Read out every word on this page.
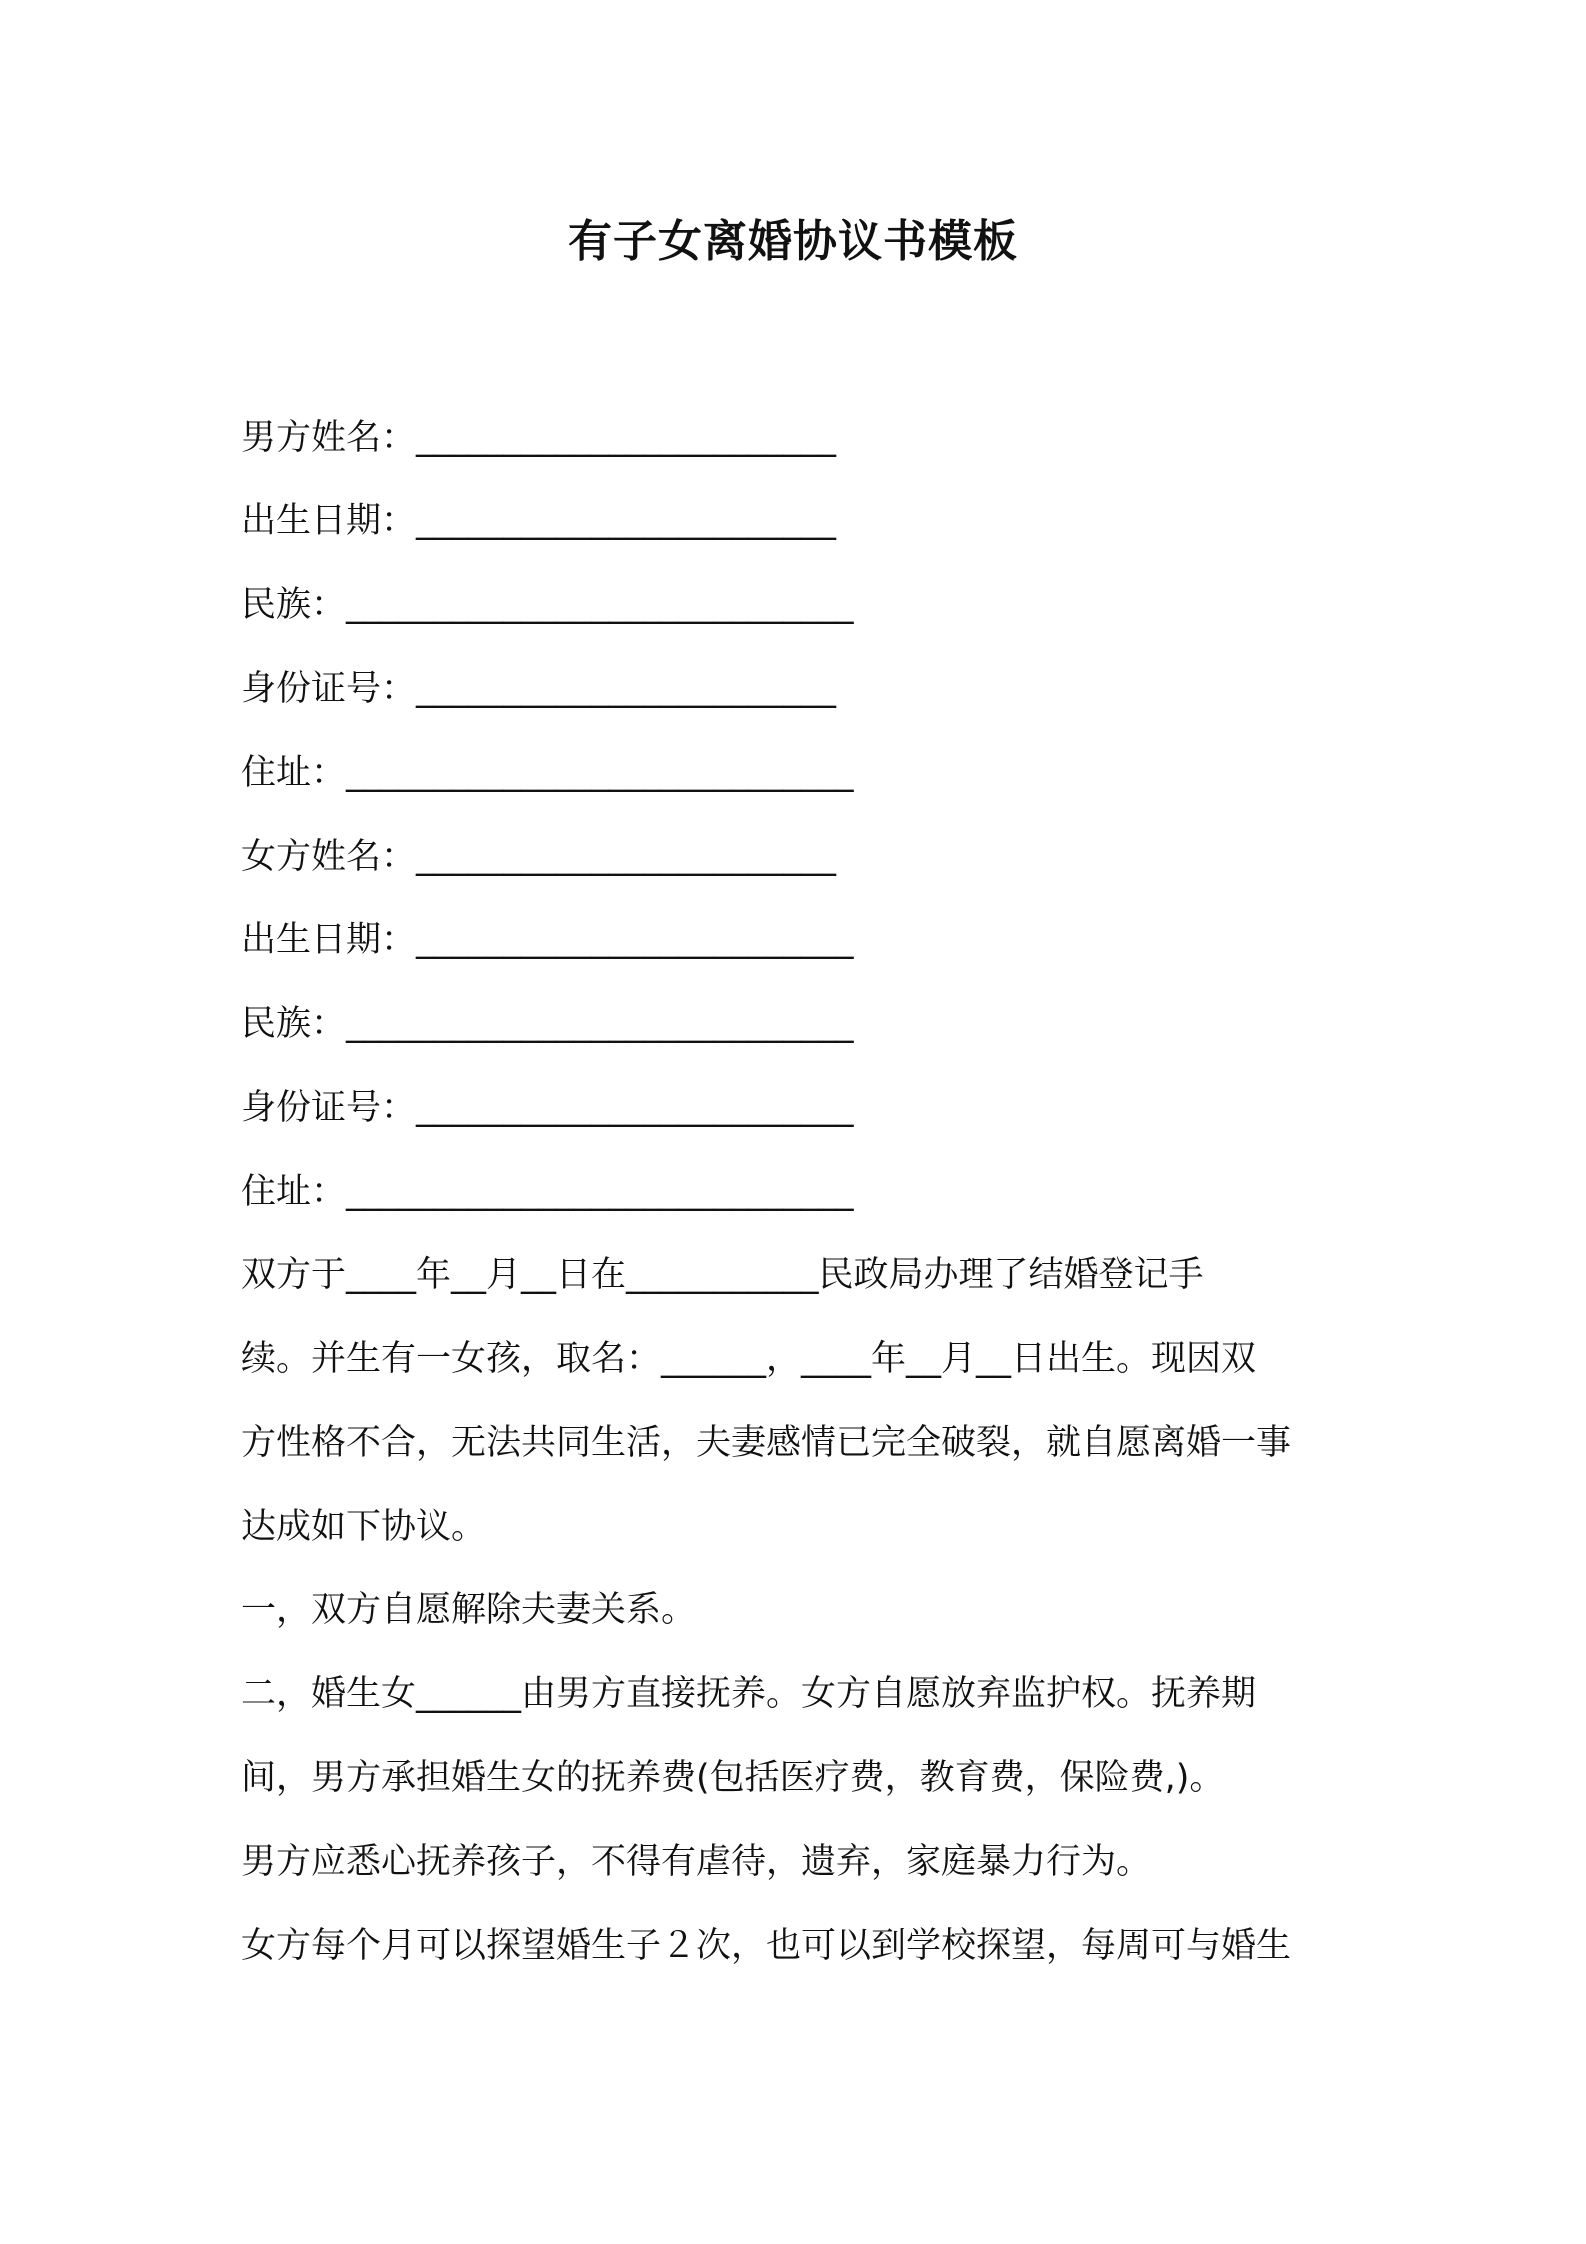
有子女离婚协议书模板
男方姓名：________________________
出生日期：________________________
民族：_____________________________
身份证号：________________________
住址：_____________________________
女方姓名：________________________
出生日期：_________________________
民族：_____________________________
身份证号：_________________________
住址：_____________________________
双方于____年__月__日在___________民政局办理了结婚登记手
续。并生有一女孩，取名：______，____年__月__日出生。现因双
方性格不合，无法共同生活，夫妻感情已完全破裂，就自愿离婚一事
达成如下协议。
一，双方自愿解除夫妻关系。
二，婚生女______由男方直接抚养。女方自愿放弃监护权。抚养期
间，男方承担婚生女的抚养费(包括医疗费，教育费，保险费,)。
男方应悉心抚养孩子，不得有虐待，遗弃，家庭暴力行为。
女方每个月可以探望婚生子２次，也可以到学校探望，每周可与婚生
